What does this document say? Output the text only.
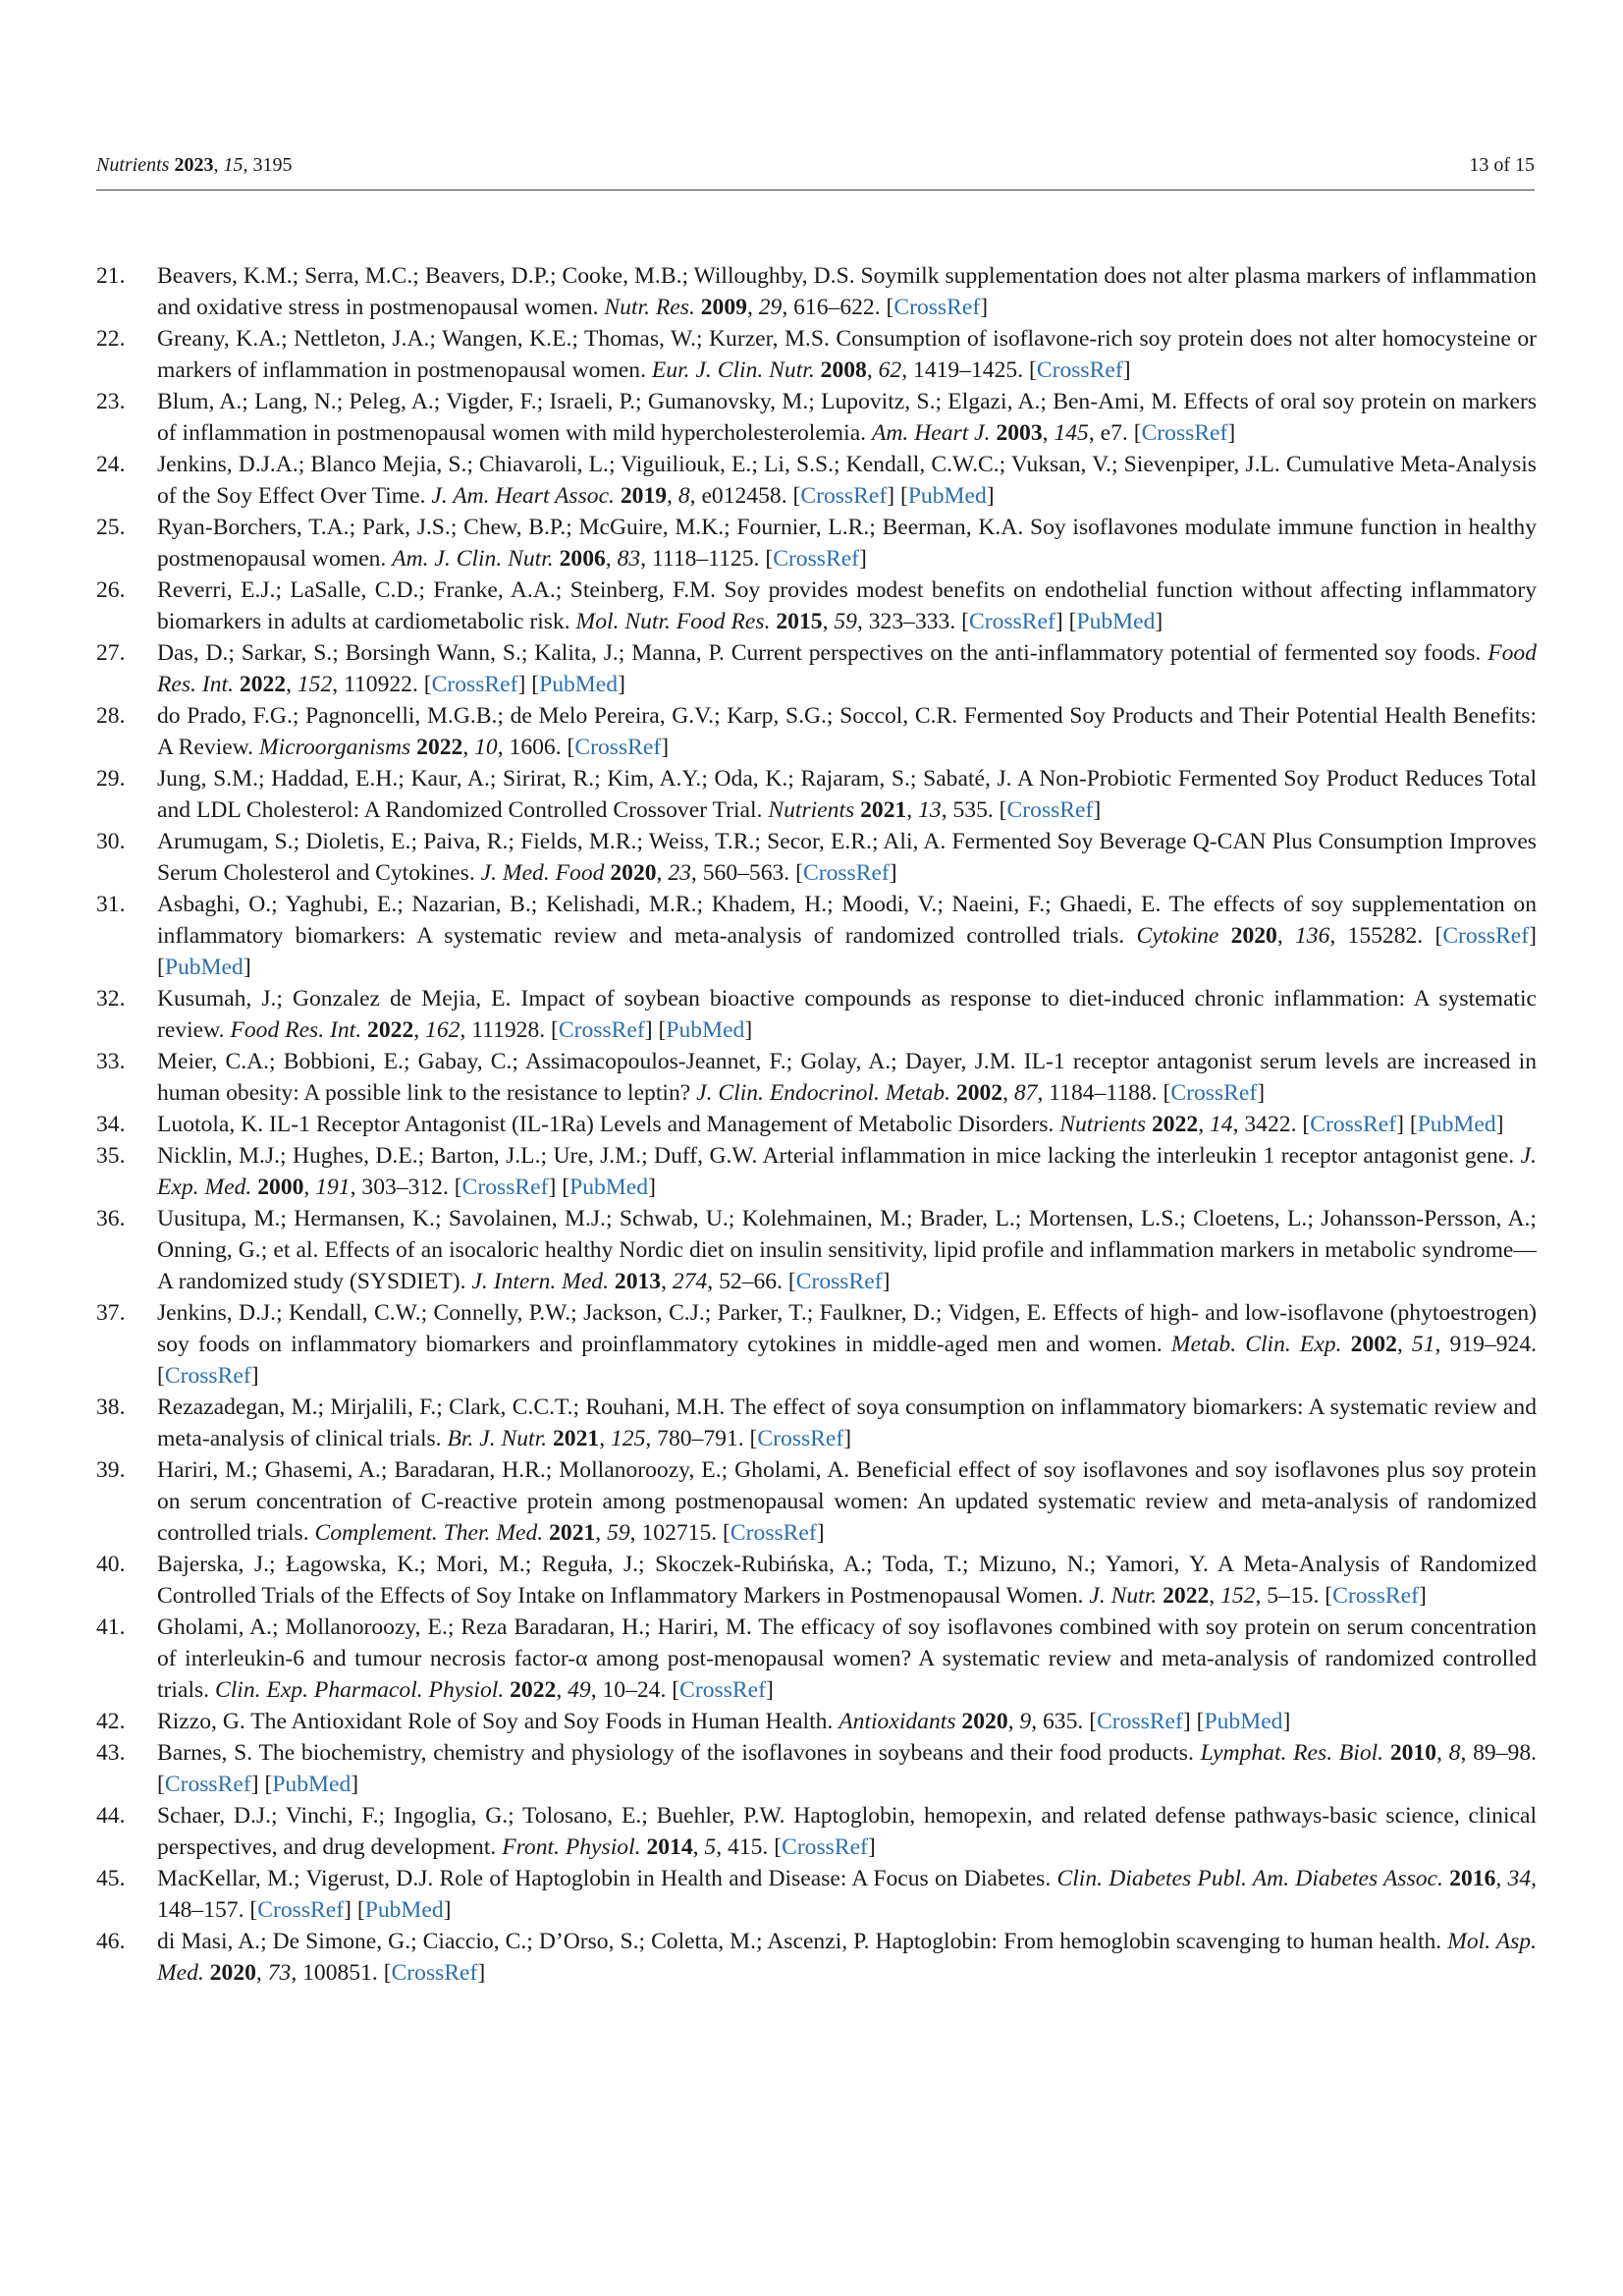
Nutrients 2023, 15, 3195	13 of 15
21.	Beavers, K.M.; Serra, M.C.; Beavers, D.P.; Cooke, M.B.; Willoughby, D.S. Soymilk supplementation does not alter plasma markers of inflammation and oxidative stress in postmenopausal women. Nutr. Res. 2009, 29, 616–622. [CrossRef]
22.	Greany, K.A.; Nettleton, J.A.; Wangen, K.E.; Thomas, W.; Kurzer, M.S. Consumption of isoflavone-rich soy protein does not alter homocysteine or markers of inflammation in postmenopausal women. Eur. J. Clin. Nutr. 2008, 62, 1419–1425. [CrossRef]
23.	Blum, A.; Lang, N.; Peleg, A.; Vigder, F.; Israeli, P.; Gumanovsky, M.; Lupovitz, S.; Elgazi, A.; Ben-Ami, M. Effects of oral soy protein on markers of inflammation in postmenopausal women with mild hypercholesterolemia. Am. Heart J. 2003, 145, e7. [CrossRef]
24.	Jenkins, D.J.A.; Blanco Mejia, S.; Chiavaroli, L.; Viguiliouk, E.; Li, S.S.; Kendall, C.W.C.; Vuksan, V.; Sievenpiper, J.L. Cumulative Meta-Analysis of the Soy Effect Over Time. J. Am. Heart Assoc. 2019, 8, e012458. [CrossRef] [PubMed]
25.	Ryan-Borchers, T.A.; Park, J.S.; Chew, B.P.; McGuire, M.K.; Fournier, L.R.; Beerman, K.A. Soy isoflavones modulate immune function in healthy postmenopausal women. Am. J. Clin. Nutr. 2006, 83, 1118–1125. [CrossRef]
26.	Reverri, E.J.; LaSalle, C.D.; Franke, A.A.; Steinberg, F.M. Soy provides modest benefits on endothelial function without affecting inflammatory biomarkers in adults at cardiometabolic risk. Mol. Nutr. Food Res. 2015, 59, 323–333. [CrossRef] [PubMed]
27.	Das, D.; Sarkar, S.; Borsingh Wann, S.; Kalita, J.; Manna, P. Current perspectives on the anti-inflammatory potential of fermented soy foods. Food Res. Int. 2022, 152, 110922. [CrossRef] [PubMed]
28.	do Prado, F.G.; Pagnoncelli, M.G.B.; de Melo Pereira, G.V.; Karp, S.G.; Soccol, C.R. Fermented Soy Products and Their Potential Health Benefits: A Review. Microorganisms 2022, 10, 1606. [CrossRef]
29.	Jung, S.M.; Haddad, E.H.; Kaur, A.; Sirirat, R.; Kim, A.Y.; Oda, K.; Rajaram, S.; Sabaté, J. A Non-Probiotic Fermented Soy Product Reduces Total and LDL Cholesterol: A Randomized Controlled Crossover Trial. Nutrients 2021, 13, 535. [CrossRef]
30.	Arumugam, S.; Dioletis, E.; Paiva, R.; Fields, M.R.; Weiss, T.R.; Secor, E.R.; Ali, A. Fermented Soy Beverage Q-CAN Plus Consumption Improves Serum Cholesterol and Cytokines. J. Med. Food 2020, 23, 560–563. [CrossRef]
31.	Asbaghi, O.; Yaghubi, E.; Nazarian, B.; Kelishadi, M.R.; Khadem, H.; Moodi, V.; Naeini, F.; Ghaedi, E. The effects of soy supplementation on inflammatory biomarkers: A systematic review and meta-analysis of randomized controlled trials. Cytokine 2020, 136, 155282. [CrossRef] [PubMed]
32.	Kusumah, J.; Gonzalez de Mejia, E. Impact of soybean bioactive compounds as response to diet-induced chronic inflammation: A systematic review. Food Res. Int. 2022, 162, 111928. [CrossRef] [PubMed]
33.	Meier, C.A.; Bobbioni, E.; Gabay, C.; Assimacopoulos-Jeannet, F.; Golay, A.; Dayer, J.M. IL-1 receptor antagonist serum levels are increased in human obesity: A possible link to the resistance to leptin? J. Clin. Endocrinol. Metab. 2002, 87, 1184–1188. [CrossRef]
34.	Luotola, K. IL-1 Receptor Antagonist (IL-1Ra) Levels and Management of Metabolic Disorders. Nutrients 2022, 14, 3422. [CrossRef] [PubMed]
35.	Nicklin, M.J.; Hughes, D.E.; Barton, J.L.; Ure, J.M.; Duff, G.W. Arterial inflammation in mice lacking the interleukin 1 receptor antagonist gene. J. Exp. Med. 2000, 191, 303–312. [CrossRef] [PubMed]
36.	Uusitupa, M.; Hermansen, K.; Savolainen, M.J.; Schwab, U.; Kolehmainen, M.; Brader, L.; Mortensen, L.S.; Cloetens, L.; Johansson-Persson, A.; Onning, G.; et al. Effects of an isocaloric healthy Nordic diet on insulin sensitivity, lipid profile and inflammation markers in metabolic syndrome—A randomized study (SYSDIET). J. Intern. Med. 2013, 274, 52–66. [CrossRef]
37.	Jenkins, D.J.; Kendall, C.W.; Connelly, P.W.; Jackson, C.J.; Parker, T.; Faulkner, D.; Vidgen, E. Effects of high- and low-isoflavone (phytoestrogen) soy foods on inflammatory biomarkers and proinflammatory cytokines in middle-aged men and women. Metab. Clin. Exp. 2002, 51, 919–924. [CrossRef]
38.	Rezazadegan, M.; Mirjalili, F.; Clark, C.C.T.; Rouhani, M.H. The effect of soya consumption on inflammatory biomarkers: A systematic review and meta-analysis of clinical trials. Br. J. Nutr. 2021, 125, 780–791. [CrossRef]
39.	Hariri, M.; Ghasemi, A.; Baradaran, H.R.; Mollanoroozy, E.; Gholami, A. Beneficial effect of soy isoflavones and soy isoflavones plus soy protein on serum concentration of C-reactive protein among postmenopausal women: An updated systematic review and meta-analysis of randomized controlled trials. Complement. Ther. Med. 2021, 59, 102715. [CrossRef]
40.	Bajerska, J.; Łagowska, K.; Mori, M.; Reguła, J.; Skoczek-Rubińska, A.; Toda, T.; Mizuno, N.; Yamori, Y. A Meta-Analysis of Randomized Controlled Trials of the Effects of Soy Intake on Inflammatory Markers in Postmenopausal Women. J. Nutr. 2022, 152, 5–15. [CrossRef]
41.	Gholami, A.; Mollanoroozy, E.; Reza Baradaran, H.; Hariri, M. The efficacy of soy isoflavones combined with soy protein on serum concentration of interleukin-6 and tumour necrosis factor-α among post-menopausal women? A systematic review and meta-analysis of randomized controlled trials. Clin. Exp. Pharmacol. Physiol. 2022, 49, 10–24. [CrossRef]
42.	Rizzo, G. The Antioxidant Role of Soy and Soy Foods in Human Health. Antioxidants 2020, 9, 635. [CrossRef] [PubMed]
43.	Barnes, S. The biochemistry, chemistry and physiology of the isoflavones in soybeans and their food products. Lymphat. Res. Biol. 2010, 8, 89–98. [CrossRef] [PubMed]
44.	Schaer, D.J.; Vinchi, F.; Ingoglia, G.; Tolosano, E.; Buehler, P.W. Haptoglobin, hemopexin, and related defense pathways-basic science, clinical perspectives, and drug development. Front. Physiol. 2014, 5, 415. [CrossRef]
45.	MacKellar, M.; Vigerust, D.J. Role of Haptoglobin in Health and Disease: A Focus on Diabetes. Clin. Diabetes Publ. Am. Diabetes Assoc. 2016, 34, 148–157. [CrossRef] [PubMed]
46.	di Masi, A.; De Simone, G.; Ciaccio, C.; D’Orso, S.; Coletta, M.; Ascenzi, P. Haptoglobin: From hemoglobin scavenging to human health. Mol. Asp. Med. 2020, 73, 100851. [CrossRef]
